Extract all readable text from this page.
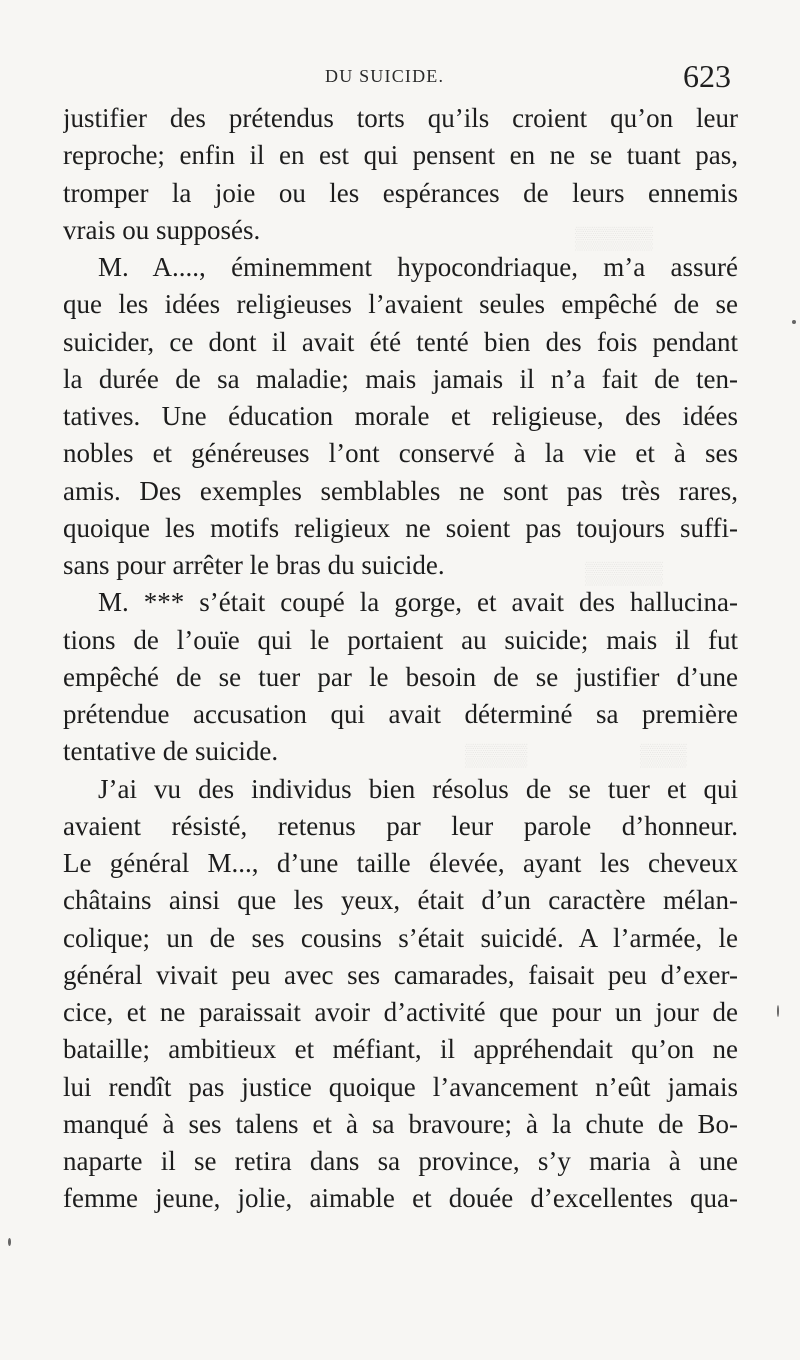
DU SUICIDE.	623
▒▒▒▒▒
▒▒▒▒▒
▒▒▒▒	▒▒▒
justifier des prétendus torts qu’ils croient qu’on leur
reproche; enfin il en est qui pensent en ne se tuant pas,
tromper la joie ou les espérances de leurs ennemis
vrais ou supposés.
M. A...., éminemment hypocondriaque, m’a assuré
que les idées religieuses l’avaient seules empêché de se
suicider, ce dont il avait été tenté bien des fois pendant
la durée de sa maladie; mais jamais il n’a fait de ten-
tatives. Une éducation morale et religieuse, des idées
nobles et généreuses l’ont conservé à la vie et à ses
amis. Des exemples semblables ne sont pas très rares,
quoique les motifs religieux ne soient pas toujours suffi-
sans pour arrêter le bras du suicide.
M. *** s’était coupé la gorge, et avait des hallucina-
tions de l’ouïe qui le portaient au suicide; mais il fut
empêché de se tuer par le besoin de se justifier d’une
prétendue accusation qui avait déterminé sa première
tentative de suicide.
J’ai vu des individus bien résolus de se tuer et qui
avaient résisté, retenus par leur parole d’honneur.
Le général M..., d’une taille élevée, ayant les cheveux
châtains ainsi que les yeux, était d’un caractère mélan-
colique; un de ses cousins s’était suicidé. A l’armée, le
général vivait peu avec ses camarades, faisait peu d’exer-
cice, et ne paraissait avoir d’activité que pour un jour de
bataille; ambitieux et méfiant, il appréhendait qu’on ne
lui rendît pas justice quoique l’avancement n’eût jamais
manqué à ses talens et à sa bravoure; à la chute de Bo-
naparte il se retira dans sa province, s’y maria à une
femme jeune, jolie, aimable et douée d’excellentes qua-
